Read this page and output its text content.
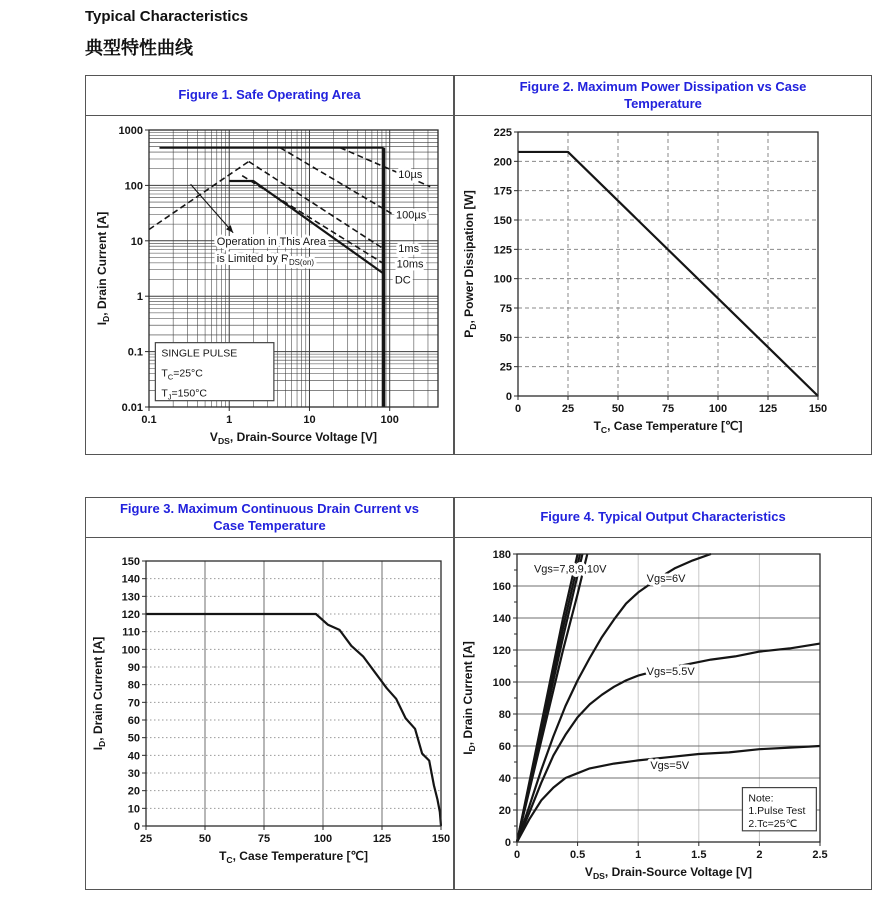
Typical Characteristics
典型特性曲线
Figure 1. Safe Operating Area
0.1	1	10	100
1000
100
10
1
0.1
0.01
$V_{DS}$, Drain-Source Voltage [V]
$I_D$, Drain Current [A]
10µs
100µs
1ms
10ms
DC
Operation in This Area
is Limited by $R_{DS(on)}$
SINGLE PULSE
$T_C=25^\circ C$
$T_J=150^\circ C$
Figure 2. Maximum Power Dissipation vs Case Temperature
0	25	50	75	100	125	150
0
25
50
75
100
125
150
175
200
225
$T_C$, Case Temperature [℃]
$P_D$, Power Dissipation [W]
Figure 3. Maximum Continuous Drain Current vs Case Temperature
25	50	75	100	125	150
0
10
20
30
40
50
60
70
80
90
100
110
120
130
140
150
$T_C$, Case Temperature [℃]
$I_D$, Drain Current [A]
Figure 4. Typical Output Characteristics
0	0.5	1	1.5	2	2.5
0
20
40
60
80
100
120
140
160
180
$V_{DS}$, Drain-Source Voltage [V]
$I_D$, Drain Current [A]
Vgs=7,8,9,10V
Vgs=6V
Vgs=5.5V
Vgs=5V
Note:
1.Pulse Test
2.Tc=25℃
